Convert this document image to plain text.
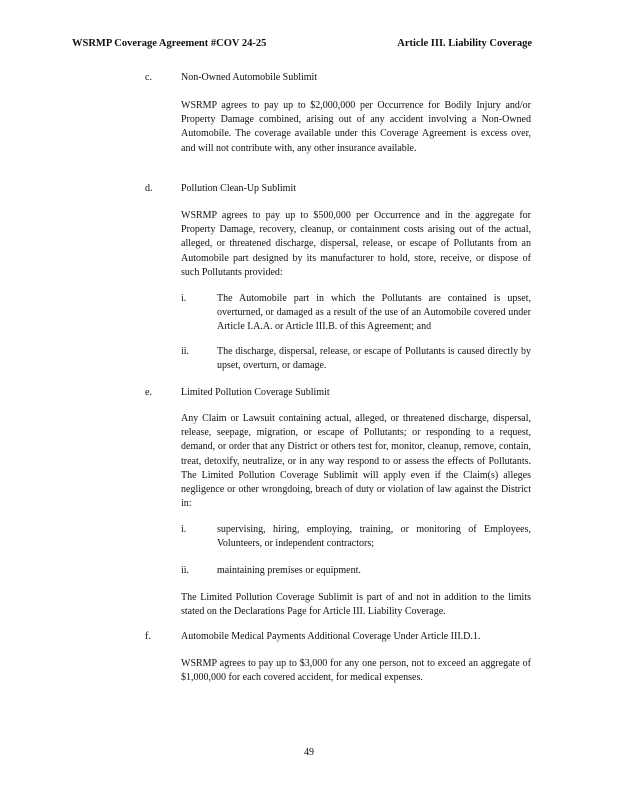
WSRMP Coverage Agreement #COV 24-25	Article III. Liability Coverage
c.	Non-Owned Automobile Sublimit
WSRMP agrees to pay up to $2,000,000 per Occurrence for Bodily Injury and/or Property Damage combined, arising out of any accident involving a Non-Owned Automobile. The coverage available under this Coverage Agreement is excess over, and will not contribute with, any other insurance available.
d.	Pollution Clean-Up Sublimit
WSRMP agrees to pay up to $500,000 per Occurrence and in the aggregate for Property Damage, recovery, cleanup, or containment costs arising out of the actual, alleged, or threatened discharge, dispersal, release, or escape of Pollutants from an Automobile part designed by its manufacturer to hold, store, receive, or dispose of such Pollutants provided:
i.	The Automobile part in which the Pollutants are contained is upset, overturned, or damaged as a result of the use of an Automobile covered under Article I.A.A. or Article III.B. of this Agreement; and
ii.	The discharge, dispersal, release, or escape of Pollutants is caused directly by upset, overturn, or damage.
e.	Limited Pollution Coverage Sublimit
Any Claim or Lawsuit containing actual, alleged, or threatened discharge, dispersal, release, seepage, migration, or escape of Pollutants; or responding to a request, demand, or order that any District or others test for, monitor, cleanup, remove, contain, treat, detoxify, neutralize, or in any way respond to or assess the effects of Pollutants. The Limited Pollution Coverage Sublimit will apply even if the Claim(s) alleges negligence or other wrongdoing, breach of duty or violation of law against the District in:
i.	supervising, hiring, employing, training, or monitoring of Employees, Volunteers, or independent contractors;
ii.	maintaining premises or equipment.
The Limited Pollution Coverage Sublimit is part of and not in addition to the limits stated on the Declarations Page for Article III. Liability Coverage.
f.	Automobile Medical Payments Additional Coverage Under Article III.D.1.
WSRMP agrees to pay up to $3,000 for any one person, not to exceed an aggregate of $1,000,000 for each covered accident, for medical expenses.
49
